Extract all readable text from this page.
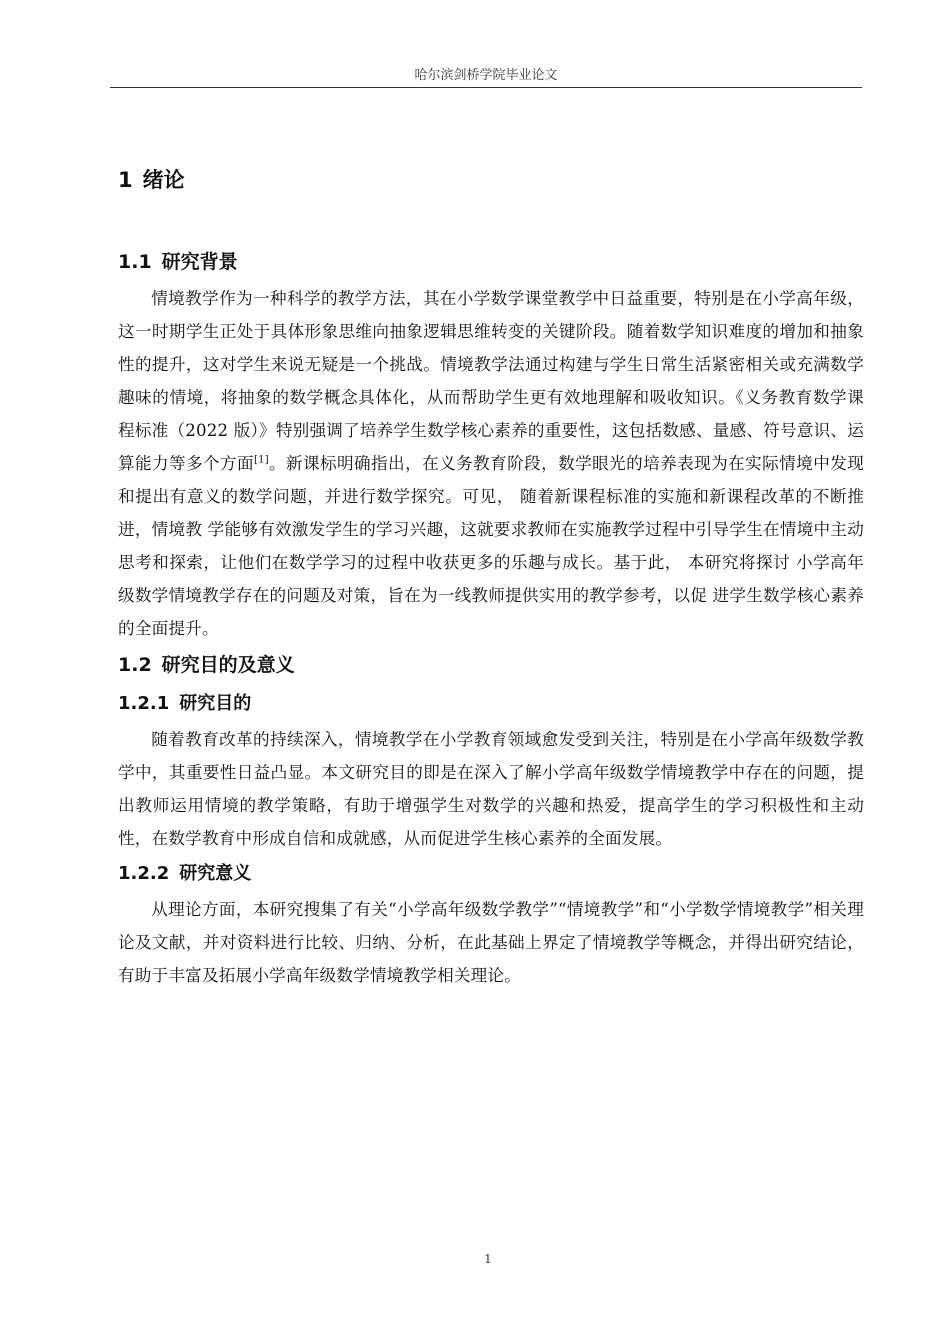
哈尔滨剑桥学院毕业论文
1 绪论
1.1 研究背景

情境教学作为一种科学的教学方法，其在小学数学课堂教学中日益重要，特别是在小学高年级，这一时期学生正处于具体形象思维向抽象逻辑思维转变的关键阶段。随着数学知识难度的增加和抽象性的提升，这对学生来说无疑是一个挑战。情境教学法通过构建与学生日常生活紧密相关或充满数学趣味的情境，将抽象的数学概念具体化，从而帮助学生更有效地理解和吸收知识。《义务教育数学课程标准（2022 版）》特别强调了培养学生数学核心素养的重要性，这包括数感、量感、符号意识、运算能力等多个方面[1]。新课标明确指出，在义务教育阶段，数学眼光的培养表现为在实际情境中发现和提出有意义的数学问题，并进行数学探究。可见， 随着新课程标准的实施和新课程改革的不断推进，情境教 学能够有效激发学生的学习兴趣，这就要求教师在实施教学过程中引导学生在情境中主动 思考和探索，让他们在数学学习的过程中收获更多的乐趣与成长。基于此， 本研究将探讨 小学高年级数学情境教学存在的问题及对策，旨在为一线教师提供实用的教学参考，以促 进学生数学核心素养的全面提升。

1.2 研究目的及意义
1.2.1 研究目的

随着教育改革的持续深入，情境教学在小学教育领域愈发受到关注，特别是在小学高年级数学教学中，其重要性日益凸显。本文研究目的即是在深入了解小学高年级数学情境教学中存在的问题，提出教师运用情境的教学策略，有助于增强学生对数学的兴趣和热爱，提高学生的学习积极性和主动性，在数学教育中形成自信和成就感，从而促进学生核心素养的全面发展。

1.2.2 研究意义

从理论方面，本研究搜集了有关“小学高年级数学教学”“情境教学”和“小学数学情境教学”相关理论及文献，并对资料进行比较、归纳、分析，在此基础上界定了情境教学等概念，并得出研究结论，有助于丰富及拓展小学高年级数学情境教学相关理论。

1
